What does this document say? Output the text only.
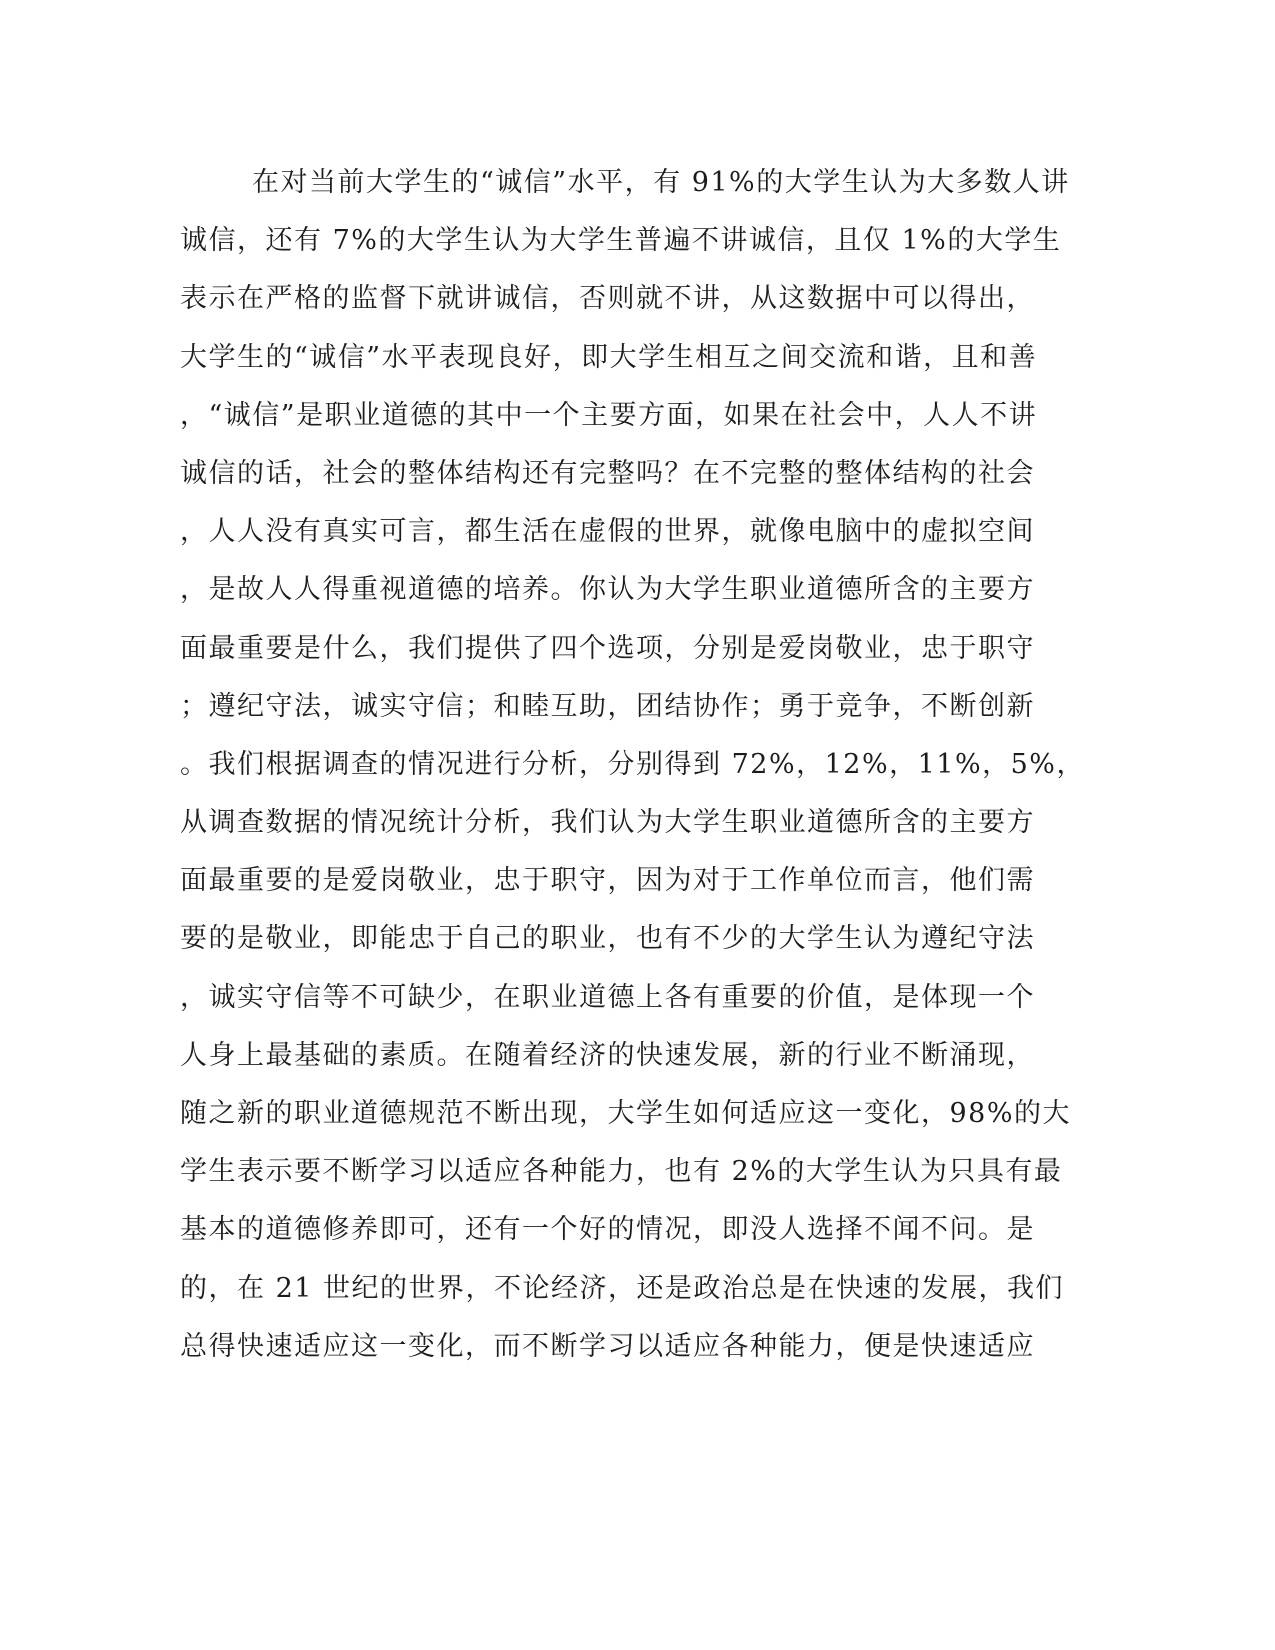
在对当前大学生的“诚信”水平，有 91%的大学生认为大多数人讲
诚信，还有 7%的大学生认为大学生普遍不讲诚信，且仅 1%的大学生
表示在严格的监督下就讲诚信，否则就不讲，从这数据中可以得出，
大学生的“诚信”水平表现良好，即大学生相互之间交流和谐，且和善
，“诚信”是职业道德的其中一个主要方面，如果在社会中，人人不讲
诚信的话，社会的整体结构还有完整吗？在不完整的整体结构的社会
，人人没有真实可言，都生活在虚假的世界，就像电脑中的虚拟空间
，是故人人得重视道德的培养。你认为大学生职业道德所含的主要方
面最重要是什么，我们提供了四个选项，分别是爱岗敬业，忠于职守
；遵纪守法，诚实守信；和睦互助，团结协作；勇于竞争，不断创新
。我们根据调查的情况进行分析，分别得到 72%，12%，11%，5%，
从调查数据的情况统计分析，我们认为大学生职业道德所含的主要方
面最重要的是爱岗敬业，忠于职守，因为对于工作单位而言，他们需
要的是敬业，即能忠于自己的职业，也有不少的大学生认为遵纪守法
，诚实守信等不可缺少，在职业道德上各有重要的价值，是体现一个
人身上最基础的素质。在随着经济的快速发展，新的行业不断涌现，
随之新的职业道德规范不断出现，大学生如何适应这一变化，98%的大
学生表示要不断学习以适应各种能力，也有 2%的大学生认为只具有最
基本的道德修养即可，还有一个好的情况，即没人选择不闻不问。是
的，在 21 世纪的世界，不论经济，还是政治总是在快速的发展，我们
总得快速适应这一变化，而不断学习以适应各种能力，便是快速适应
